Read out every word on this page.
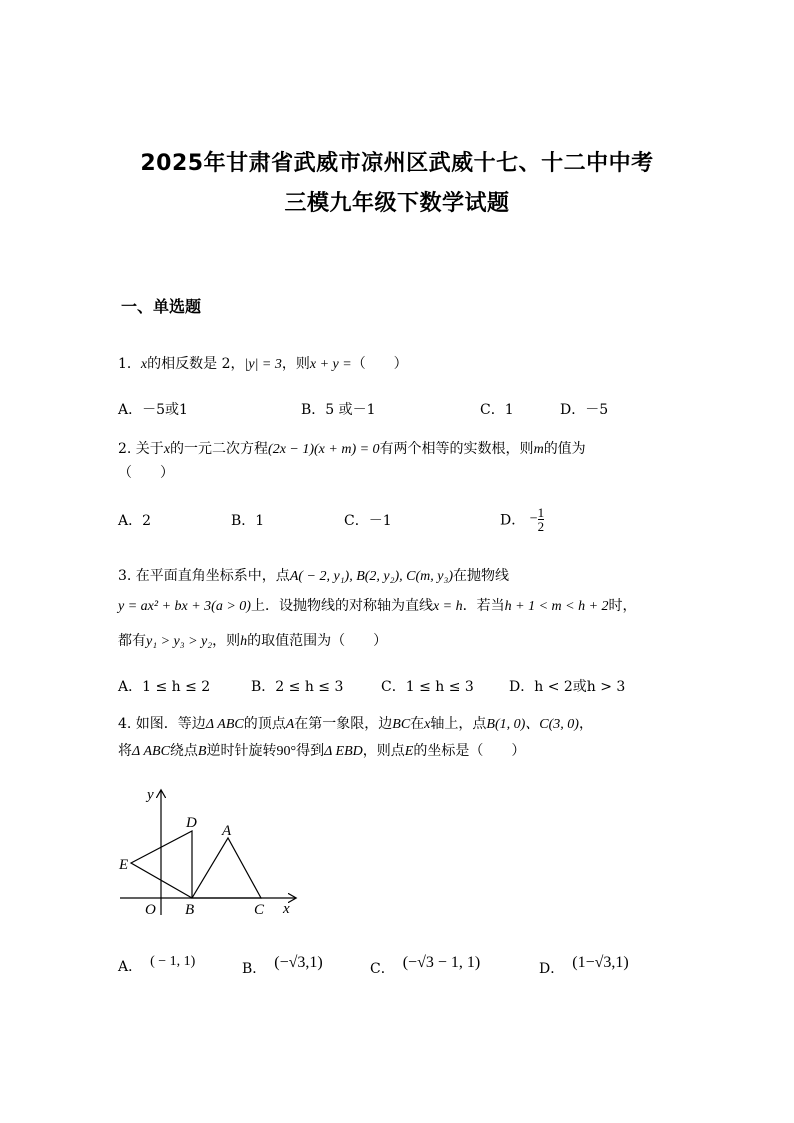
2025年甘肃省武威市凉州区武威十七、十二中中考
三模九年级下数学试题
一、单选题
1．x的相反数是 2，|y| = 3，则x + y =（　　）
A．－5或1	B．5 或－1	C．1	D．－5
2. 关于x的一元二次方程(2x − 1)(x + m) = 0有两个相等的实数根，则m的值为
（　　）
A．2	B．1	C．－1	D． − $\frac{1}{2}$
3. 在平面直角坐标系中，点A( − 2, y₁), B(2, y₂), C(m, y₃)在抛物线
y = ax² + bx + 3(a > 0)上．设抛物线的对称轴为直线x = h．若当h + 1 < m < h + 2时，
都有y₁ > y₃ > y₂，则h的取值范围为（　　）
A．1 ≤ h ≤ 2	B．2 ≤ h ≤ 3	C．1 ≤ h ≤ 3	D．h < 2或h > 3
4. 如图．等边Δ ABC的顶点A在第一象限，边BC在x轴上，点B(1, 0)、C(3, 0)，
将Δ ABC绕点B逆时针旋转90°得到Δ EBD，则点E的坐标是（　　）
y
x
O B	C
A
D
E
A． ( − 1, 1)	B． (−√3,1)	C． (−√3 − 1, 1)	D． (1−√3,1)
